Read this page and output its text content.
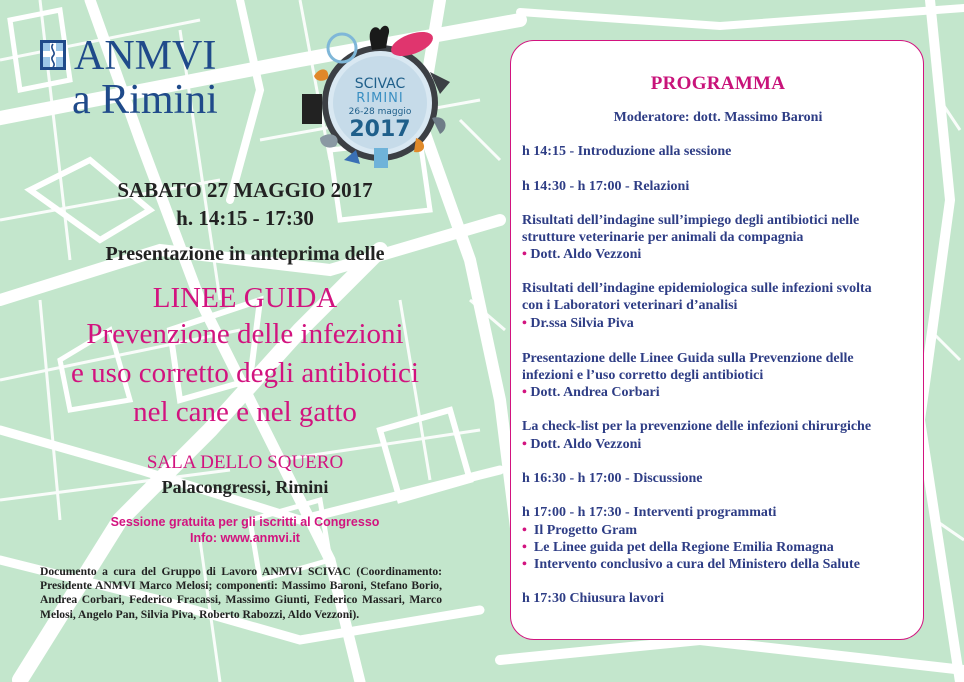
ANMVI
a Rimini	SCIVAC
RIMINI
26-28 maggio
2017
SABATO 27 MAGGIO 2017
h. 14:15 - 17:30
Presentazione in anteprima delle
LINEE GUIDA
Prevenzione delle infezioni
e uso corretto degli antibiotici
nel cane e nel gatto
SALA DELLO SQUERO
Palacongressi, Rimini
Sessione gratuita per gli iscritti al Congresso
Info: www.anmvi.it
Documento a cura del Gruppo di Lavoro ANMVI SCIVAC (Coordinamento: Presidente ANMVI Marco Melosi; componenti: Massimo Baroni, Stefano Borio, Andrea Corbari, Federico Fracassi, Massimo Giunti, Federico Massari, Marco Melosi, Angelo Pan, Silvia Piva, Roberto Rabozzi, Aldo Vezzoni).
PROGRAMMA
Moderatore: dott. Massimo Baroni
h 14:15 - Introduzione alla sessione
h 14:30 - h 17:00 - Relazioni
Risultati dell’indagine sull’impiego degli antibiotici nelle
strutture veterinarie per animali da compagnia
• Dott. Aldo Vezzoni
Risultati dell’indagine epidemiologica sulle infezioni svolta
con i Laboratori veterinari d’analisi
• Dr.ssa Silvia Piva
Presentazione delle Linee Guida sulla Prevenzione delle
infezioni e l’uso corretto degli antibiotici
• Dott. Andrea Corbari
La check-list per la prevenzione delle infezioni chirurgiche
• Dott. Aldo Vezzoni
h 16:30 - h 17:00 - Discussione
h 17:00 - h 17:30 - Interventi programmati
• Il Progetto Gram
• Le Linee guida pet della Regione Emilia Romagna
• Intervento conclusivo a cura del Ministero della Salute
h 17:30 Chiusura lavori
